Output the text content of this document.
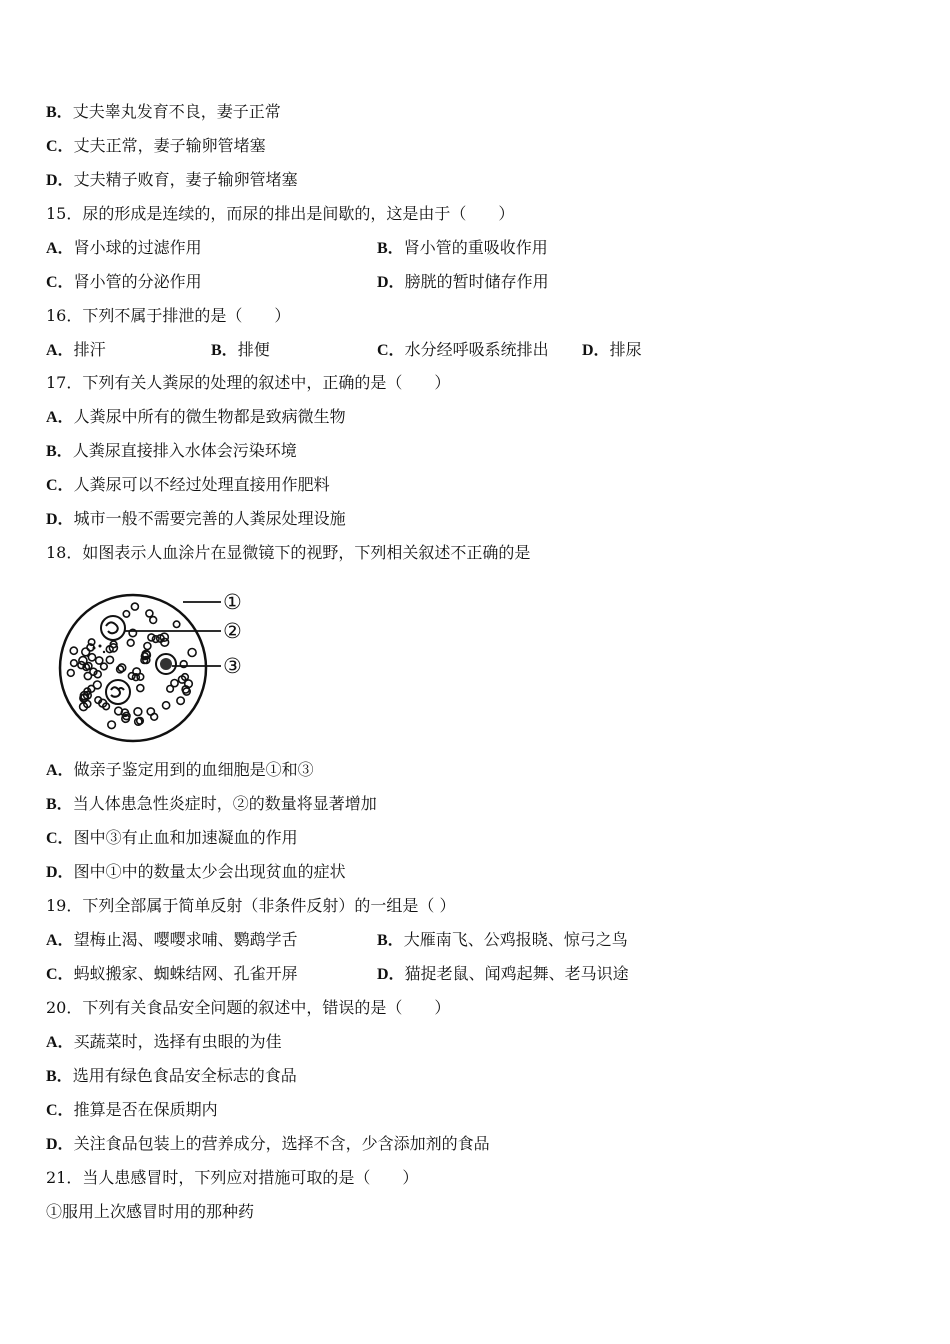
B．丈夫睾丸发育不良，妻子正常
C．丈夫正常，妻子输卵管堵塞
D．丈夫精子败育，妻子输卵管堵塞
15．尿的形成是连续的，而尿的排出是间歇的，这是由于（　　）
A．肾小球的过滤作用	B．肾小管的重吸收作用
C．肾小管的分泌作用	D．膀胱的暂时储存作用
16．下列不属于排泄的是（　　）
A．排汗	B．排便	C．水分经呼吸系统排出 D．排尿
17．下列有关人粪尿的处理的叙述中，正确的是（　　）
A．人粪尿中所有的微生物都是致病微生物
B．人粪尿直接排入水体会污染环境
C．人粪尿可以不经过处理直接用作肥料
D．城市一般不需要完善的人粪尿处理设施
18．如图表示人血涂片在显微镜下的视野，下列相关叙述不正确的是
①
②
③
A．做亲子鉴定用到的血细胞是①和③
B．当人体患急性炎症时，②的数量将显著增加
C．图中③有止血和加速凝血的作用
D．图中①中的数量太少会出现贫血的症状
19．下列全部属于简单反射（非条件反射）的一组是（ ）
A．望梅止渴、嘤嘤求哺、鹦鹉学舌	B．大雁南飞、公鸡报晓、惊弓之鸟
C．蚂蚁搬家、蜘蛛结网、孔雀开屏	D．猫捉老鼠、闻鸡起舞、老马识途
20．下列有关食品安全问题的叙述中，错误的是（　　）
A．买蔬菜时，选择有虫眼的为佳
B．选用有绿色食品安全标志的食品
C．推算是否在保质期内
D．关注食品包装上的营养成分，选择不含，少含添加剂的食品
21．当人患感冒时，下列应对措施可取的是（　　）
①服用上次感冒时用的那种药
